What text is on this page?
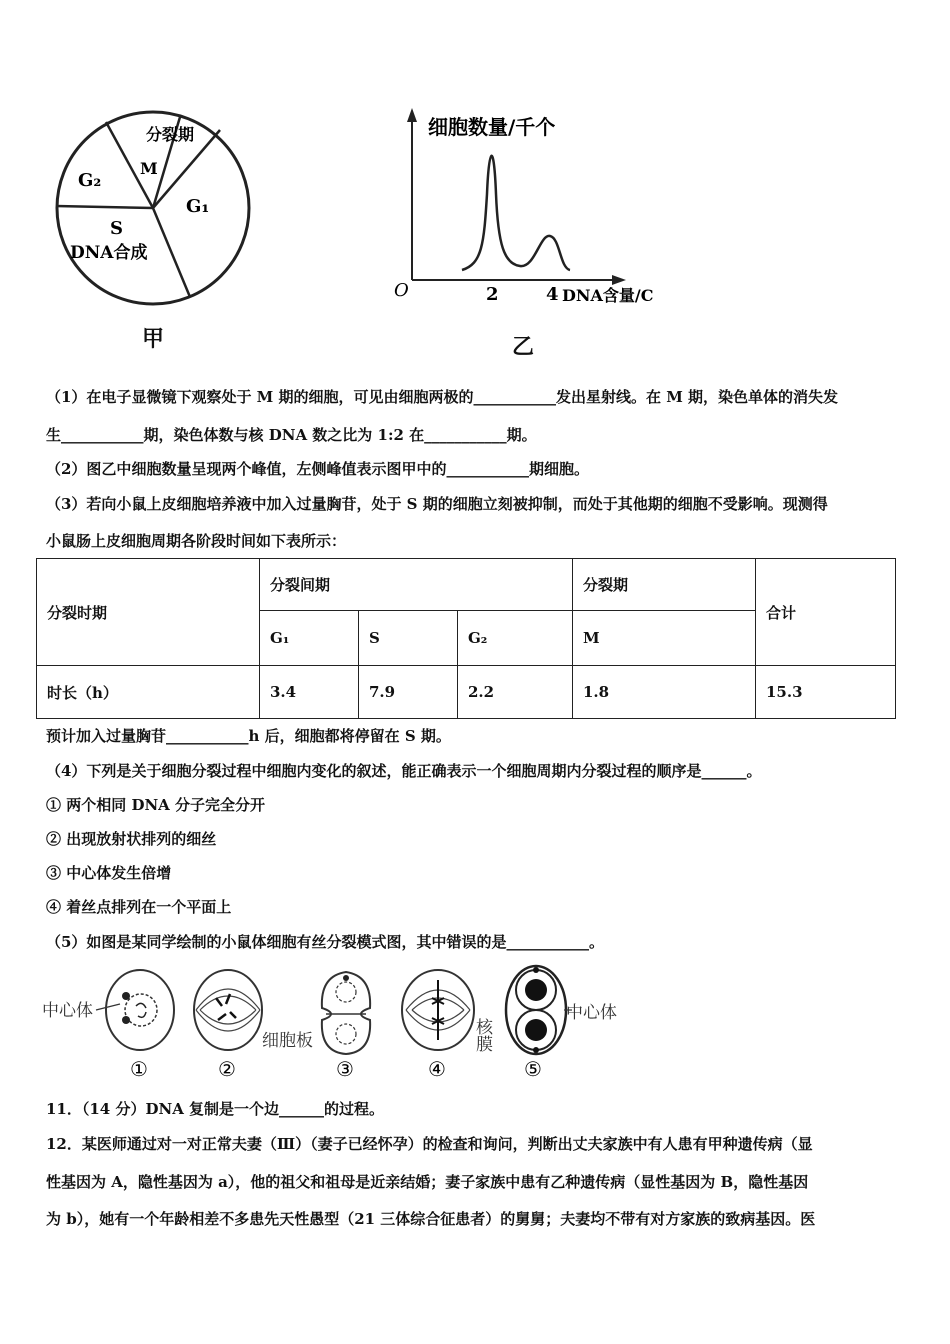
分裂期
M
G₂
G₁
S
DNA合成
甲
细胞数量/千个
O	2	4 DNA含量/C
乙
（1）在电子显微镜下观察处于 M 期的细胞，可见由细胞两极的___________发出星射线。在 M 期，染色单体的消失发
生___________期，染色体数与核 DNA 数之比为 1:2 在___________期。
（2）图乙中细胞数量呈现两个峰值，左侧峰值表示图甲中的___________期细胞。
（3）若向小鼠上皮细胞培养液中加入过量胸苷，处于 S 期的细胞立刻被抑制，而处于其他期的细胞不受影响。现测得
小鼠肠上皮细胞周期各阶段时间如下表所示：
分裂时期	分裂间期			分裂期	合计
	G₁	S	G₂	M	
时长（h）	3.4	7.9	2.2	1.8	15.3
预计加入过量胸苷___________h 后，细胞都将停留在 S 期。
（4）下列是关于细胞分裂过程中细胞内变化的叙述，能正确表示一个细胞周期内分裂过程的顺序是______。
① 两个相同 DNA 分子完全分开
② 出现放射状排列的细丝
③ 中心体发生倍增
④ 着丝点排列在一个平面上
（5）如图是某同学绘制的小鼠体细胞有丝分裂模式图，其中错误的是___________。
中心体
细胞板	核膜
中心体
①	②	③	④	⑤
11．（14 分）DNA 复制是一个边______的过程。
12．某医师通过对一对正常夫妻（Ⅲ）（妻子已经怀孕）的检查和询问，判断出丈夫家族中有人患有甲种遗传病（显
性基因为 A，隐性基因为 a），他的祖父和祖母是近亲结婚；妻子家族中患有乙种遗传病（显性基因为 B，隐性基因
为 b），她有一个年龄相差不多患先天性愚型（21 三体综合征患者）的舅舅；夫妻均不带有对方家族的致病基因。医
